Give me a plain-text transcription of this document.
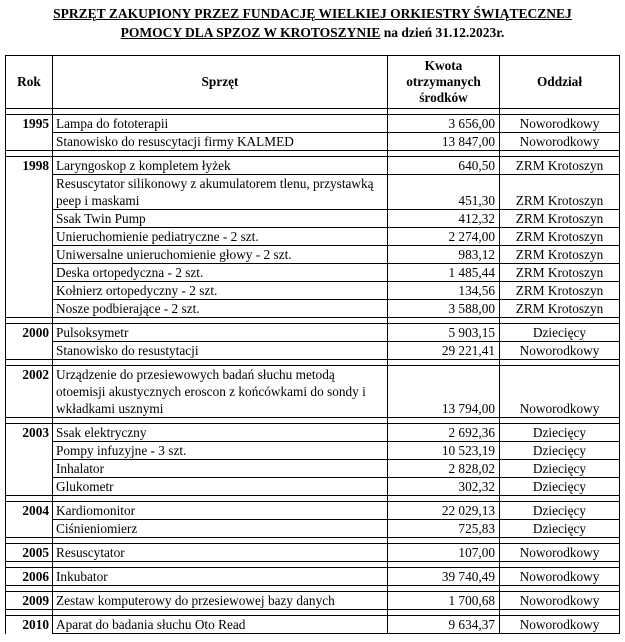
SPRZĘT ZAKUPIONY PRZEZ FUNDACJĘ WIELKIEJ ORKIESTRY ŚWIĄTECZNEJ
POMOCY DLA SPZOZ W KROTOSZYNIE na dzień 31.12.2023r.
Rok	Sprzęt	Kwota otrzymanych środków	Oddział

1995	Lampa do fototerapii	3 656,00	Noworodkowy
	Stanowisko do resuscytacji firmy KALMED	13 847,00	Noworodkowy

1998	Laryngoskop z kompletem łyżek	640,50	ZRM Krotoszyn
	Resuscytator silikonowy z akumulatorem tlenu, przystawką peep i maskami	451,30	ZRM Krotoszyn
	Ssak Twin Pump	412,32	ZRM Krotoszyn
	Unieruchomienie pediatryczne - 2 szt.	2 274,00	ZRM Krotoszyn
	Uniwersalne unieruchomienie głowy - 2 szt.	983,12	ZRM Krotoszyn
	Deska ortopedyczna - 2 szt.	1 485,44	ZRM Krotoszyn
	Kołnierz ortopedyczny - 2 szt.	134,56	ZRM Krotoszyn
	Nosze podbierające - 2 szt.	3 588,00	ZRM Krotoszyn

2000	Pulsoksymetr	5 903,15	Dziecięcy
	Stanowisko do resustytacji	29 221,41	Noworodkowy

2002	Urządzenie do przesiewowych badań słuchu metodą otoemisji akustycznych eroscon z końcówkami do sondy i wkładkami usznymi	13 794,00	Noworodkowy

2003	Ssak elektryczny	2 692,36	Dziecięcy
	Pompy infuzyjne - 3 szt.	10 523,19	Dziecięcy
	Inhalator	2 828,02	Dziecięcy
	Glukometr	302,32	Dziecięcy

2004	Kardiomonitor	22 029,13	Dziecięcy
	Ciśnieniomierz	725,83	Dziecięcy

2005	Resuscytator	107,00	Noworodkowy

2006	Inkubator	39 740,49	Noworodkowy

2009	Zestaw komputerowy do przesiewowej bazy danych	1 700,68	Noworodkowy

2010	Aparat do badania słuchu Oto Read	9 634,37	Noworodkowy
